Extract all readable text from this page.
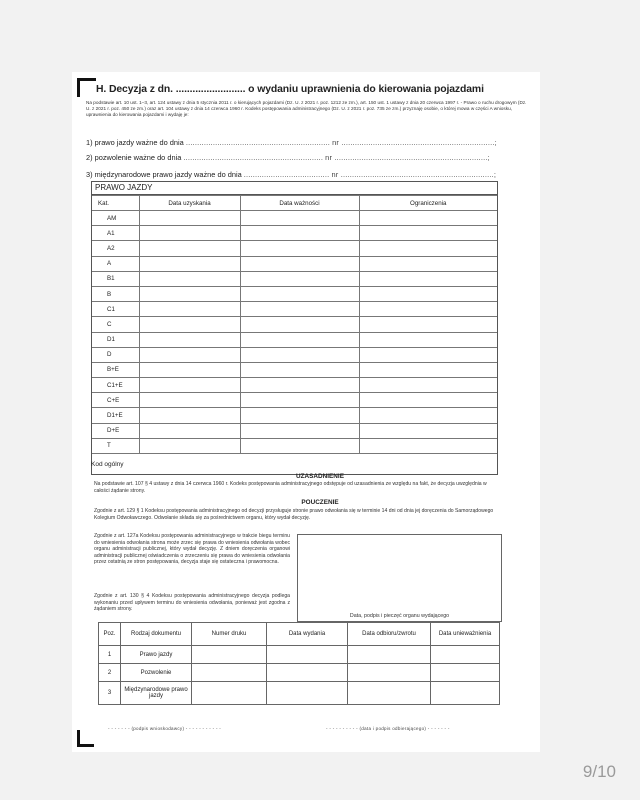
H. Decyzja z dn. ......................... o wydaniu uprawnienia do kierowania pojazdami
Na podstawie art. 10 ust. 1–3, art. 124 ustawy z dnia 5 stycznia 2011 r. o kierujących pojazdami (Dz. U. z 2021 r. poz. 1212 ze zm.), art. 150 ust. 1 ustawy z dnia 20 czerwca 1997 r. - Prawo o ruchu drogowym (Dz. U. z 2021 r. poz. 450 ze zm.) oraz art. 104 ustawy z dnia 14 czerwca 1960 r. Kodeks postępowania administracyjnego (Dz. U. z 2021 r. poz. 735 ze zm.) przyznaję osobie, o której mowa w części A wniosku, uprawnienia do kierowania pojazdami i wydaję je:
1) prawo jazdy ważne do dnia ................................................................ nr ....................................................................;
2) pozwolenie ważne do dnia .............................................................. nr ....................................................................;
3) międzynarodowe prawo jazdy ważne do dnia ...................................... nr ....................................................................;
PRAWO JAZDY
Kat.	Data uzyskania	Data ważności	Ograniczenia
AM			
A1			
A2			
A			
B1			
B			
C1			
C			
D1			
D			
B+E			
C1+E			
C+E			
D1+E			
D+E			
T			
Kod ogólny
UZASADNIENIE
Na podstawie art. 107 § 4 ustawy z dnia 14 czerwca 1960 r. Kodeks postępowania administracyjnego odstępuje od uzasadnienia ze względu na fakt, że decyzja uwzględnia w całości żądanie strony.
POUCZENIE
Zgodnie z art. 129 § 1 Kodeksu postępowania administracyjnego od decyzji przysługuje stronie prawo odwołania się w terminie 14 dni od dnia jej doręczenia do Samorządowego Kolegium Odwoławczego. Odwołanie składa się za pośrednictwem organu, który wydał decyzję.
Zgodnie z art. 127a Kodeksu postępowania administracyjnego w trakcie biegu terminu do wniesienia odwołania strona może zrzec się prawa do wniesienia odwołania wobec organu administracji publicznej, który wydał decyzję. Z dniem doręczenia organowi administracji publicznej oświadczenia o zrzeczeniu się prawa do wniesienia odwołania przez ostatnią ze stron postępowania, decyzja staje się ostateczna i prawomocna.
Zgodnie z art. 130 § 4 Kodeksu postępowania administracyjnego decyzja podlega wykonaniu przed upływem terminu do wniesienia odwołania, ponieważ jest zgodna z żądaniem strony.
Data, podpis i pieczęć organu wydającego
Poz.	Rodzaj dokumentu	Numer druku	Data wydania	Data odbioru/zwrotu	Data unieważnienia
1	Prawo jazdy				
2	Pozwolenie				
3	Międzynarodowe prawo jazdy				
- - - - - - - (podpis wnioskodawcy) - - - - - - - - - - -	- - - - - - - - - - (data i podpis odbierającego) - - - - - - -
9/10
